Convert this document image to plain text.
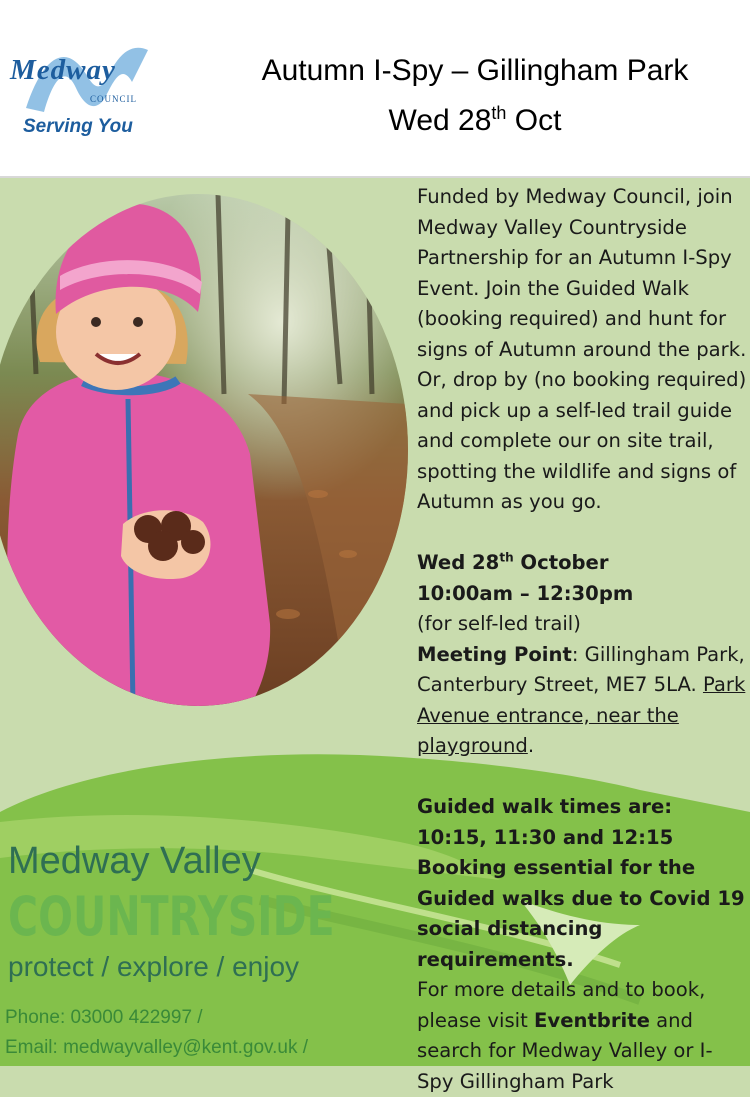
Medway
COUNCIL
Serving You
Autumn I-Spy – Gillingham Park
Wed 28th Oct

Funded by Medway Council, join Medway Valley Countryside Partnership for an Autumn I-Spy Event. Join the Guided Walk (booking required) and hunt for signs of Autumn around the park. Or, drop by (no booking required) and pick up a self-led trail guide and complete our on site trail, spotting the wildlife and signs of Autumn as you go.

Wed 28th October

10:00am – 12:30pm

(for self-led trail)

Meeting Point: Gillingham Park, Canterbury Street, ME7 5LA. Park Avenue entrance, near the playground.

Guided walk times are:

10:15, 11:30 and 12:15

Booking essential for the Guided walks due to Covid 19 social distancing requirements.

For more details and to book, please visit Eventbrite and search for Medway Valley or I-Spy Gillingham Park

Medway Valley
COUNTRYSIDE
protect / explore / enjoy
Phone: 03000 422997 /
Email: medwayvalley@kent.gov.uk /
